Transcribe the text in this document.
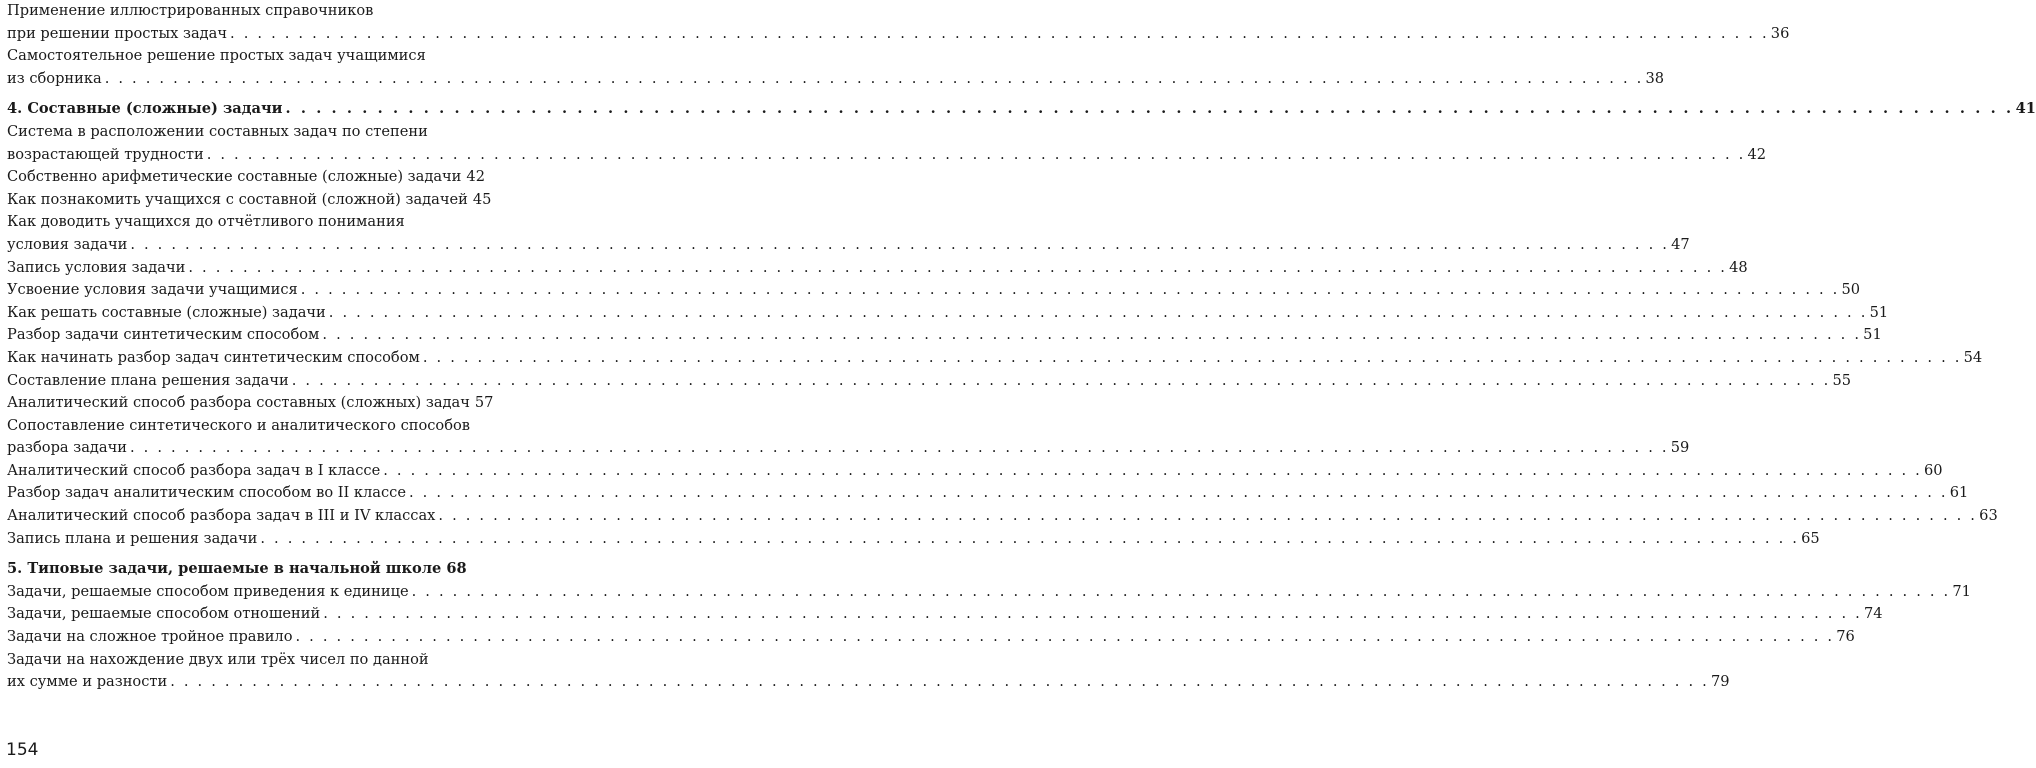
Применение иллюстрированных справочников
при решении простых задач . . .	36
Самостоятельное решение простых задач учащимися
из сборника . . .	38
4. Составные (сложные) задачи . . .	41
Система в расположении составных задач по степени
возрастающей трудности . . .	42
Собственно арифметические составные (сложные) задачи 42
Как познакомить учащихся с составной (сложной) задачей 45
Как доводить учащихся до отчётливого понимания
условия задачи . . .	47
Запись условия задачи . . .	48
Усвоение условия задачи учащимися . . .	50
Как решать составные (сложные) задачи . . .	51
Разбор задачи синтетическим способом . . .	51
Как начинать разбор задач синтетическим способом . . .	54
Составление плана решения задачи . . .	55
Аналитический способ разбора составных (сложных) задач 57
Сопоставление синтетического и аналитического способов
разбора задачи . . .	59
Аналитический способ разбора задач в I классе . . .	60
Разбор задач аналитическим способом во II классе . . .	61
Аналитический способ разбора задач в III и IV классах . . .	63
Запись плана и решения задачи . . .	65
5. Типовые задачи, решаемые в начальной школе 68
Задачи, решаемые способом приведения к единице . . .	71
Задачи, решаемые способом отношений . . .	74
Задачи на сложное тройное правило . . .	76
Задачи на нахождение двух или трёх чисел по данной
их сумме и разности . . .	79
154
